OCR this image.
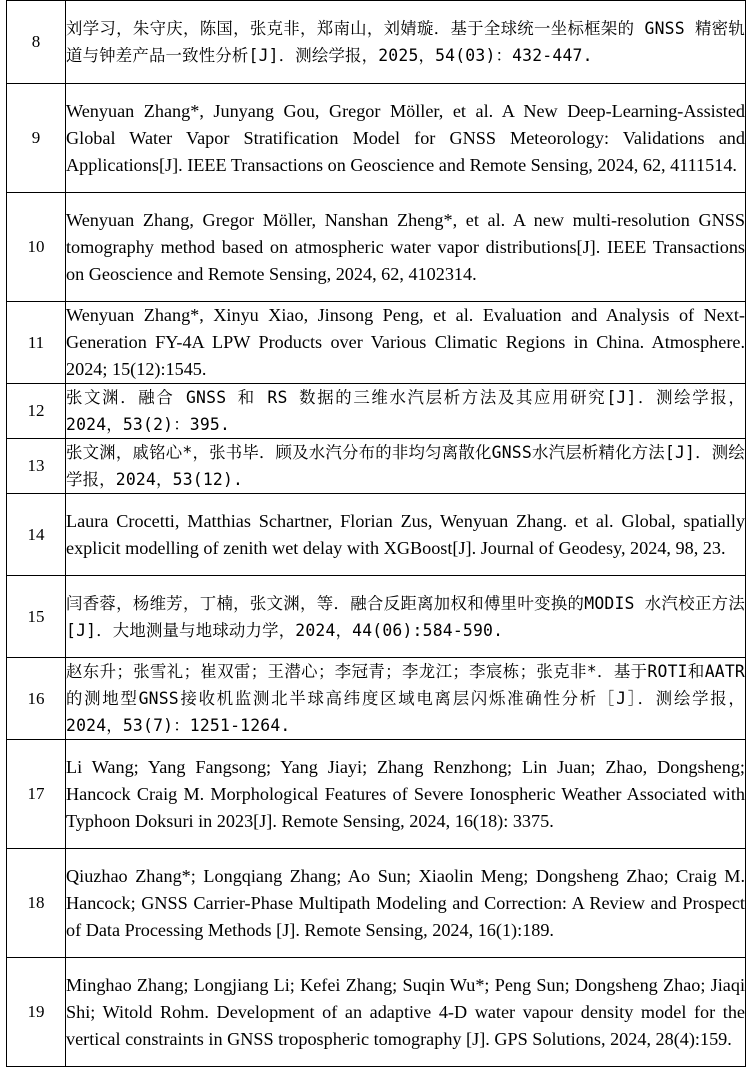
8	刘学习，朱守庆，陈国，张克非，郑南山，刘婧璇．基于全球统一坐标框架的 GNSS 精密轨道与钟差产品一致性分析[J]．测绘学报，2025，54(03)：432-447.
9	Wenyuan Zhang*, Junyang Gou, Gregor Möller, et al. A New Deep-Learning-Assisted Global Water Vapor Stratification Model for GNSS Meteorology: Validations and Applications[J]. IEEE Transactions on Geoscience and Remote Sensing, 2024, 62, 4111514.
10	Wenyuan Zhang, Gregor Möller, Nanshan Zheng*, et al. A new multi-resolution GNSS tomography method based on atmospheric water vapor distributions[J]. IEEE Transactions on Geoscience and Remote Sensing, 2024, 62, 4102314.
11	Wenyuan Zhang*, Xinyu Xiao, Jinsong Peng, et al. Evaluation and Analysis of Next-Generation FY-4A LPW Products over Various Climatic Regions in China. Atmosphere. 2024; 15(12):1545.
12	张文渊．融合 GNSS 和 RS 数据的三维水汽层析方法及其应用研究[J]．测绘学报，2024，53(2)：395.
13	张文渊，戚铭心*，张书毕．顾及水汽分布的非均匀离散化GNSS水汽层析精化方法[J]．测绘学报，2024，53(12).
14	Laura Crocetti, Matthias Schartner, Florian Zus, Wenyuan Zhang. et al. Global, spatially explicit modelling of zenith wet delay with XGBoost[J]. Journal of Geodesy, 2024, 98, 23.
15	闫香蓉，杨维芳，丁楠，张文渊，等．融合反距离加权和傅里叶变换的MODIS 水汽校正方法[J]．大地测量与地球动力学，2024，44(06):584-590.
16	赵东升；张雪礼；崔双雷；王潜心；李冠青；李龙江；李宸栋；张克非*．基于ROTI和AATR的测地型GNSS接收机监测北半球高纬度区域电离层闪烁准确性分析［J］．测绘学报，2024，53(7)：1251-1264.
17	Li Wang; Yang Fangsong; Yang Jiayi; Zhang Renzhong; Lin Juan; Zhao, Dongsheng; Hancock Craig M. Morphological Features of Severe Ionospheric Weather Associated with Typhoon Doksuri in 2023[J]. Remote Sensing, 2024, 16(18): 3375.
18	Qiuzhao Zhang*; Longqiang Zhang; Ao Sun; Xiaolin Meng; Dongsheng Zhao; Craig M. Hancock; GNSS Carrier-Phase Multipath Modeling and Correction: A Review and Prospect of Data Processing Methods [J]. Remote Sensing, 2024, 16(1):189.
19	Minghao Zhang; Longjiang Li; Kefei Zhang; Suqin Wu*; Peng Sun; Dongsheng Zhao; Jiaqi Shi; Witold Rohm. Development of an adaptive 4-D water vapour density model for the vertical constraints in GNSS tropospheric tomography [J]. GPS Solutions, 2024, 28(4):159.
